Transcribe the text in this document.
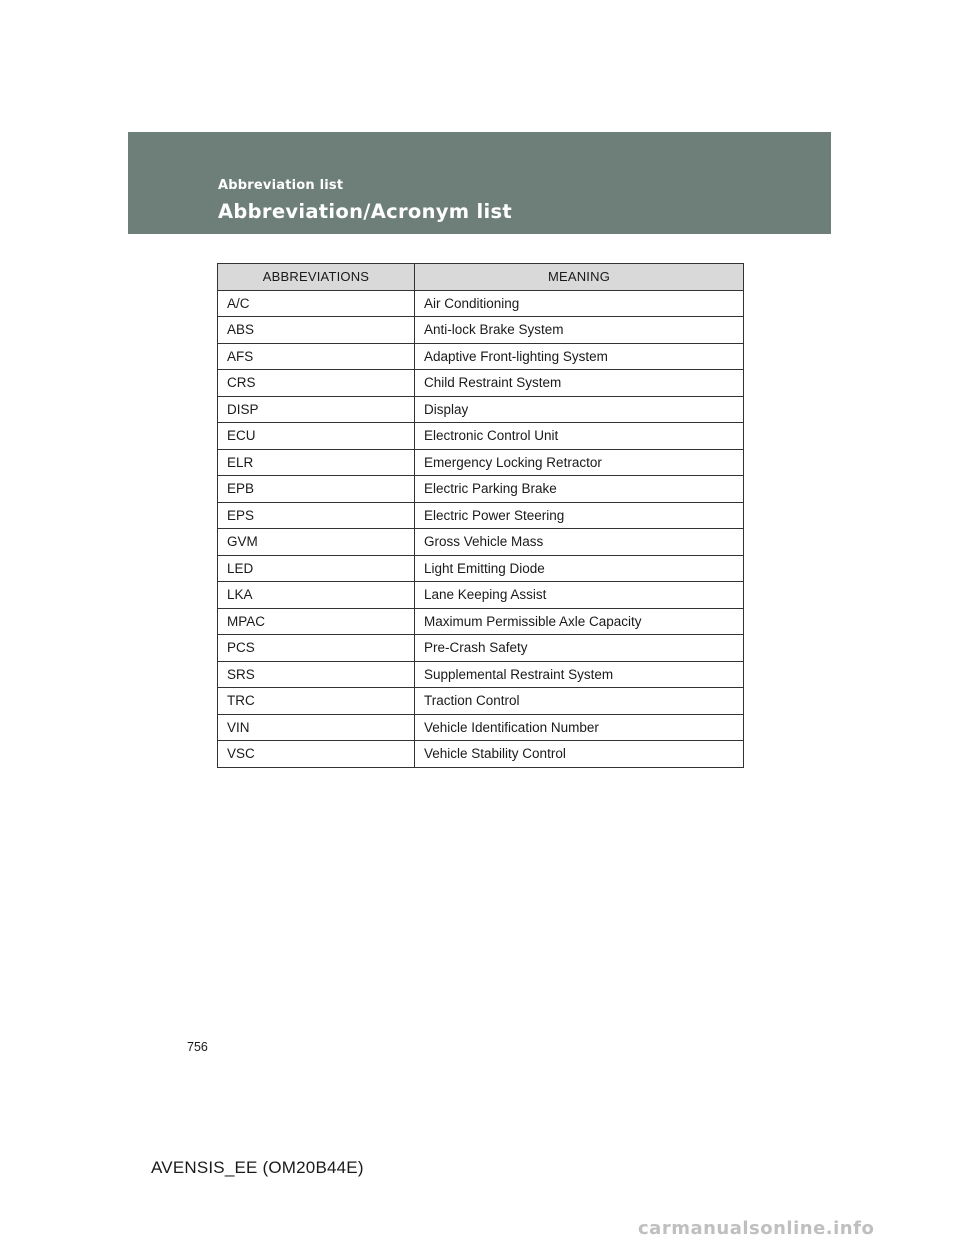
Abbreviation list
Abbreviation/Acronym list
ABBREVIATIONS	MEANING
A/C	Air Conditioning
ABS	Anti-lock Brake System
AFS	Adaptive Front-lighting System
CRS	Child Restraint System
DISP	Display
ECU	Electronic Control Unit
ELR	Emergency Locking Retractor
EPB	Electric Parking Brake
EPS	Electric Power Steering
GVM	Gross Vehicle Mass
LED	Light Emitting Diode
LKA	Lane Keeping Assist
MPAC	Maximum Permissible Axle Capacity
PCS	Pre-Crash Safety
SRS	Supplemental Restraint System
TRC	Traction Control
VIN	Vehicle Identification Number
VSC	Vehicle Stability Control
756
AVENSIS_EE (OM20B44E)
carmanualsonline.info
